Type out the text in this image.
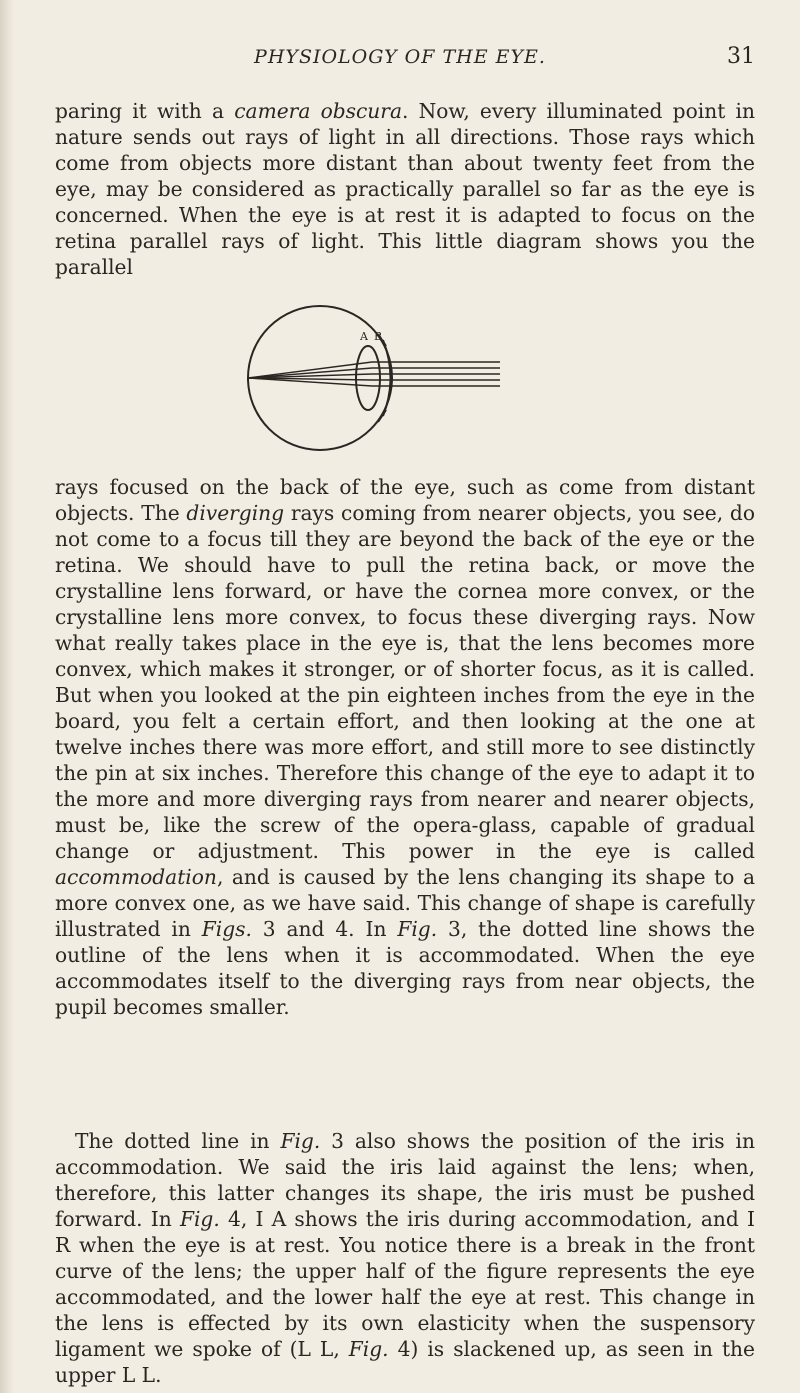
PHYSIOLOGY OF THE EYE.	31

paring it with a camera obscura. Now, every illuminated point in nature sends out rays of light in all directions. Those rays which come from objects more distant than about twenty feet from the eye, may be considered as practically parallel so far as the eye is concerned. When the eye is at rest it is adapted to focus on the retina parallel rays of light. This little diagram shows you the parallel

A B

rays focused on the back of the eye, such as come from distant objects. The diverging rays coming from nearer objects, you see, do not come to a focus till they are beyond the back of the eye or the retina. We should have to pull the retina back, or move the crystalline lens forward, or have the cornea more convex, or the crystalline lens more convex, to focus these diverging rays. Now what really takes place in the eye is, that the lens becomes more convex, which makes it stronger, or of shorter focus, as it is called. But when you looked at the pin eighteen inches from the eye in the board, you felt a certain effort, and then looking at the one at twelve inches there was more effort, and still more to see distinctly the pin at six inches. Therefore this change of the eye to adapt it to the more and more diverging rays from nearer and nearer objects, must be, like the screw of the opera-glass, capable of gradual change or adjustment. This power in the eye is called accommodation, and is caused by the lens changing its shape to a more convex one, as we have said. This change of shape is carefully illustrated in Figs. 3 and 4. In Fig. 3, the dotted line shows the outline of the lens when it is accommodated. When the eye accommodates itself to the diverging rays from near objects, the pupil becomes smaller.

The dotted line in Fig. 3 also shows the position of the iris in accommodation. We said the iris laid against the lens; when, therefore, this latter changes its shape, the iris must be pushed forward. In Fig. 4, I A shows the iris during accommodation, and I R when the eye is at rest. You notice there is a break in the front curve of the lens; the upper half of the figure represents the eye accommodated, and the lower half the eye at rest. This change in the lens is effected by its own elasticity when the suspensory ligament we spoke of (L L, Fig. 4) is slackened up, as seen in the upper L L.
